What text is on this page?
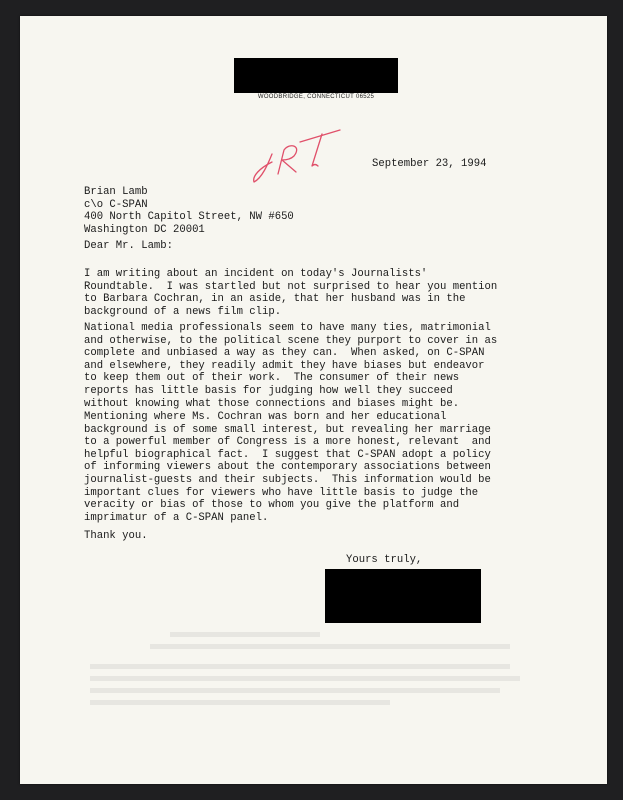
WOODBRIDGE, CONNECTICUT 06525
September 23, 1994
Brian Lamb
c\o C-SPAN
400 North Capitol Street, NW #650
Washington DC 20001
Dear Mr. Lamb:
I am writing about an incident on today's Journalists'
Roundtable.  I was startled but not surprised to hear you mention
to Barbara Cochran, in an aside, that her husband was in the
background of a news film clip.
National media professionals seem to have many ties, matrimonial
and otherwise, to the political scene they purport to cover in as
complete and unbiased a way as they can.  When asked, on C-SPAN
and elsewhere, they readily admit they have biases but endeavor
to keep them out of their work.  The consumer of their news
reports has little basis for judging how well they succeed
without knowing what those connections and biases might be.
Mentioning where Ms. Cochran was born and her educational
background is of some small interest, but revealing her marriage
to a powerful member of Congress is a more honest, relevant  and
helpful biographical fact.  I suggest that C-SPAN adopt a policy
of informing viewers about the contemporary associations between
journalist-guests and their subjects.  This information would be
important clues for viewers who have little basis to judge the
veracity or bias of those to whom you give the platform and
imprimatur of a C-SPAN panel.
Thank you.
Yours truly,
